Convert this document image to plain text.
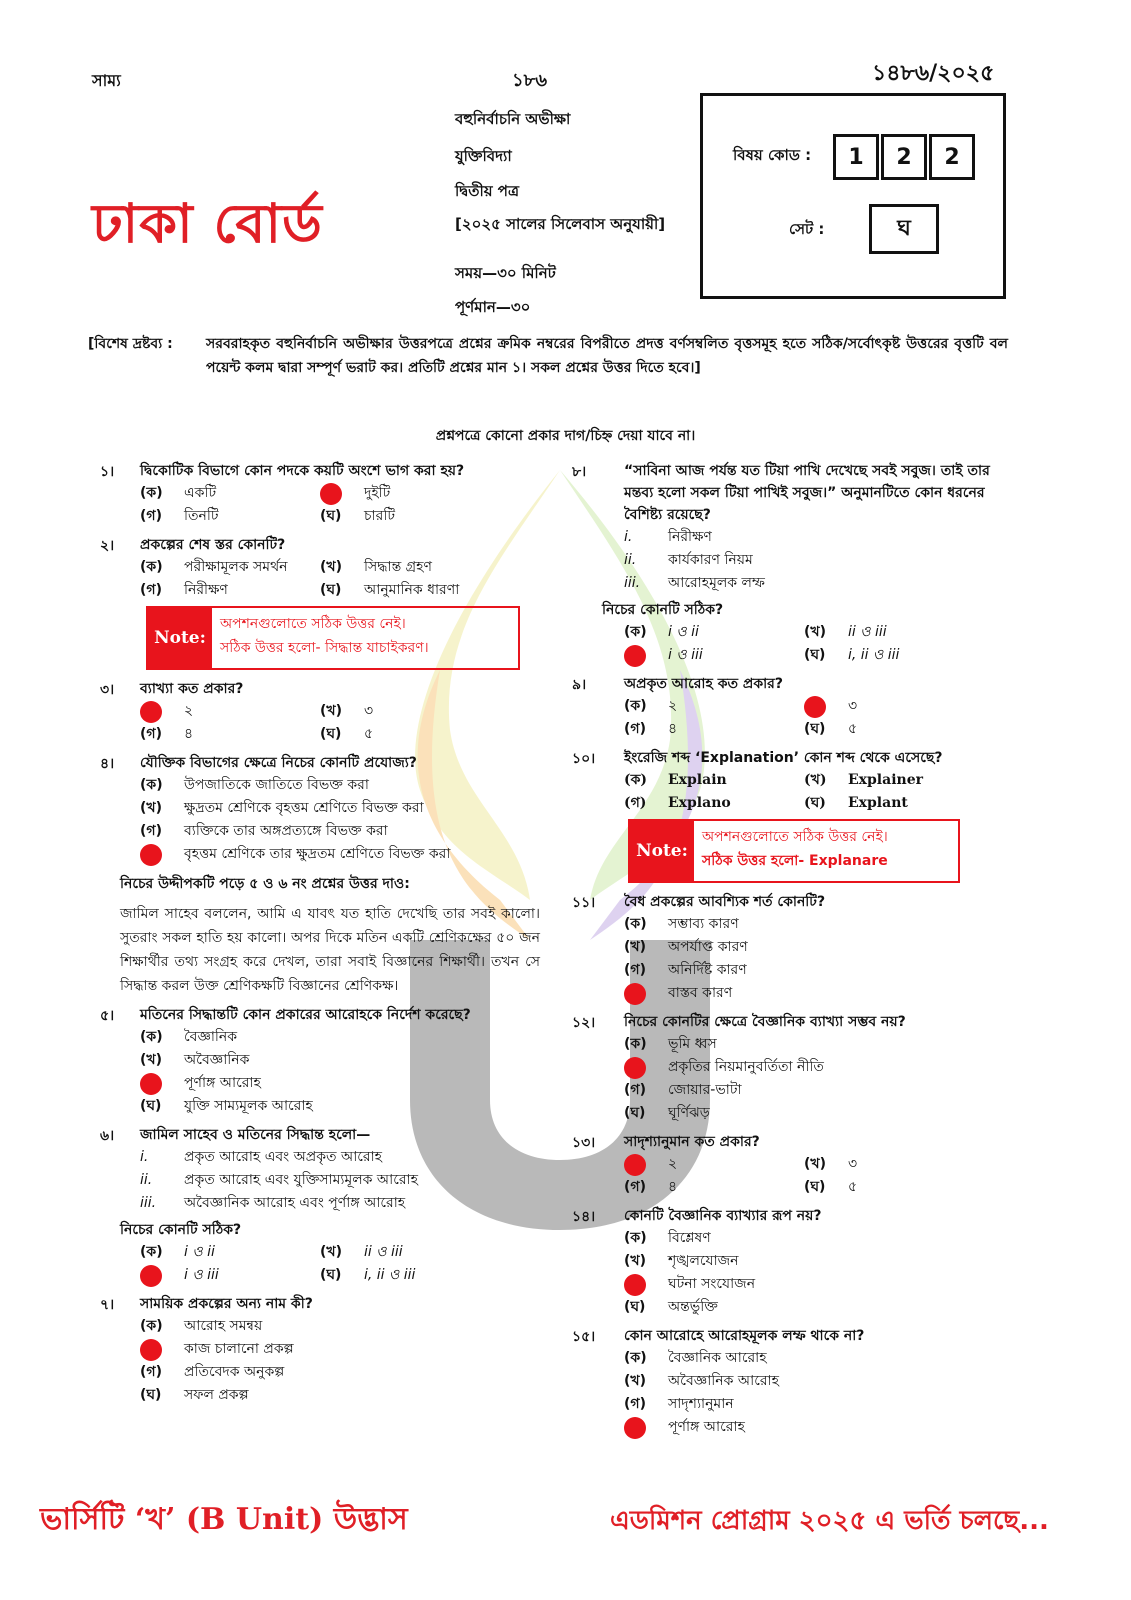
সাম্য	১৮৬	১৪৮৬/২০২৫
ঢাকা বোর্ড
বহুনির্বাচনি অভীক্ষা
যুক্তিবিদ্যা
দ্বিতীয় পত্র
[২০২৫ সালের সিলেবাস অনুযায়ী]
সময়—৩০ মিনিট
পূর্ণমান—৩০
বিষয় কোড :	1	2	2
সেট :	ঘ
[বিশেষ দ্রষ্টব্য : সরবরাহকৃত বহুনির্বাচনি অভীক্ষার উত্তরপত্রে প্রশ্নের ক্রমিক নম্বরের বিপরীতে প্রদত্ত বর্ণসম্বলিত বৃত্তসমূহ হতে সঠিক/সর্বোৎকৃষ্ট উত্তরের বৃত্তটি বল পয়েন্ট কলম দ্বারা সম্পূর্ণ ভরাট কর। প্রতিটি প্রশ্নের মান ১। সকল প্রশ্নের উত্তর দিতে হবে।]
প্রশ্নপত্রে কোনো প্রকার দাগ/চিহ্ন দেয়া যাবে না।
১। দ্বিকোটিক বিভাগে কোন পদকে কয়টি অংশে ভাগ করা হয়?
(ক)	একটি	দুইটি
(গ)	তিনটি	(ঘ)	চারটি
২। প্রকল্পের শেষ স্তর কোনটি?
(ক)	পরীক্ষামূলক সমর্থন (খ)	সিদ্ধান্ত গ্রহণ
(গ)	নিরীক্ষণ	(ঘ)	আনুমানিক ধারণা
Note:
অপশনগুলোতে সঠিক উত্তর নেই।
সঠিক উত্তর হলো- সিদ্ধান্ত যাচাইকরণ।
৩। ব্যাখ্যা কত প্রকার?
২	(খ)	৩
(গ)	৪	(ঘ)	৫
৪। যৌক্তিক বিভাগের ক্ষেত্রে নিচের কোনটি প্রযোজ্য?
(ক)	উপজাতিকে জাতিতে বিভক্ত করা
(খ)	ক্ষুদ্রতম শ্রেণিকে বৃহত্তম শ্রেণিতে বিভক্ত করা
(গ)	ব্যক্তিকে তার অঙ্গপ্রত্যঙ্গে বিভক্ত করা
বৃহত্তম শ্রেণিকে তার ক্ষুদ্রতম শ্রেণিতে বিভক্ত করা
নিচের উদ্দীপকটি পড়ে ৫ ও ৬ নং প্রশ্নের উত্তর দাও:
জামিল সাহেব বললেন, আমি এ যাবৎ যত হাতি দেখেছি তার সবই কালো। সুতরাং সকল হাতি হয় কালো। অপর দিকে মতিন একটি শ্রেণিকক্ষের ৫০ জন শিক্ষার্থীর তথ্য সংগ্রহ করে দেখল, তারা সবাই বিজ্ঞানের শিক্ষার্থী। তখন সে সিদ্ধান্ত করল উক্ত শ্রেণিকক্ষটি বিজ্ঞানের শ্রেণিকক্ষ।
৫। মতিনের সিদ্ধান্তটি কোন প্রকারের আরোহকে নির্দেশ করেছে?
(ক)	বৈজ্ঞানিক
(খ)	অবৈজ্ঞানিক
পূর্ণাঙ্গ আরোহ
(ঘ)	যুক্তি সাম্যমূলক আরোহ
৬। জামিল সাহেব ও মতিনের সিদ্ধান্ত হলো—
i.	প্রকৃত আরোহ এবং অপ্রকৃত আরোহ
ii.	প্রকৃত আরোহ এবং যুক্তিসাম্যমূলক আরোহ
iii.	অবৈজ্ঞানিক আরোহ এবং পূর্ণাঙ্গ আরোহ
নিচের কোনটি সঠিক?
(ক)	i ও ii	(খ)	ii ও iii
i ও iii	(ঘ)	i, ii ও iii
৭। সাময়িক প্রকল্পের অন্য নাম কী?
(ক)	আরোহ সমন্বয়
কাজ চালানো প্রকল্প
(গ)	প্রতিবেদক অনুকল্প
(ঘ)	সফল প্রকল্প
৮।	“সাবিনা আজ পর্যন্ত যত টিয়া পাখি দেখেছে সবই সবুজ। তাই তার মন্তব্য হলো সকল টিয়া পাখিই সবুজ।” অনুমানটিতে কোন ধরনের বৈশিষ্ট্য রয়েছে?
i.	নিরীক্ষণ
ii.	কার্যকারণ নিয়ম
iii.	আরোহমূলক লম্ফ
নিচের কোনটি সঠিক?
(ক)	i ও ii	(খ)	ii ও iii
i ও iii	(ঘ)	i, ii ও iii
৯।	অপ্রকৃত আরোহ কত প্রকার?
(ক)	২	৩
(গ)	৪	(ঘ)	৫
১০। ইংরেজি শব্দ ‘Explanation’ কোন শব্দ থেকে এসেছে?
(ক)	Explain	(খ)	Explainer
(গ)	Explano	(ঘ)	Explant
Note:
অপশনগুলোতে সঠিক উত্তর নেই।
সঠিক উত্তর হলো- Explanare
১১। বৈধ প্রকল্পের আবশ্যিক শর্ত কোনটি?
(ক)	সম্ভাব্য কারণ
(খ)	অপর্যাপ্ত কারণ
(গ)	অনির্দিষ্ট কারণ
বাস্তব কারণ
১২। নিচের কোনটির ক্ষেত্রে বৈজ্ঞানিক ব্যাখ্যা সম্ভব নয়?
(ক)	ভূমি ধ্বস
প্রকৃতির নিয়মানুবর্তিতা নীতি
(গ)	জোয়ার-ভাটা
(ঘ)	ঘূর্ণিঝড়
১৩। সাদৃশ্যানুমান কত প্রকার?
২	(খ)	৩
(গ)	৪	(ঘ)	৫
১৪। কোনটি বৈজ্ঞানিক ব্যাখ্যার রূপ নয়?
(ক)	বিশ্লেষণ
(খ)	শৃঙ্খলযোজন
ঘটনা সংযোজন
(ঘ)	অন্তর্ভুক্তি
১৫। কোন আরোহে আরোহমূলক লম্ফ থাকে না?
(ক)	বৈজ্ঞানিক আরোহ
(খ)	অবৈজ্ঞানিক আরোহ
(গ)	সাদৃশ্যানুমান
পূর্ণাঙ্গ আরোহ
ভার্সিটি ‘খ’ (B Unit) উদ্ভাস	এডমিশন প্রোগ্রাম ২০২৫ এ ভর্তি চলছে...
